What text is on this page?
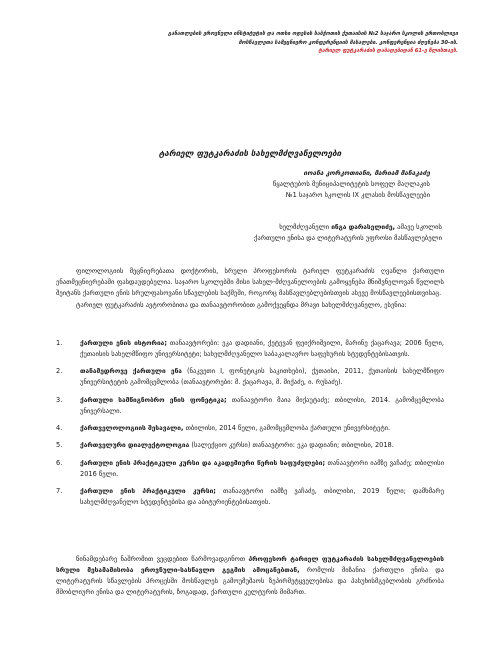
განათლების ეროვნული ინსტიტუტის და ოთხი ოდესის საბჭოთის ქუთაისის №2 საჯარო სკოლის ერთობლივი
მოსწავლეთა სამეცნიერო კონფერენციის მასალები. კონფერენცია ძღვნება 30-ის.
ტარიელ ფუტკარაძის დაბადებიდან 61-ე წლისთავს.
ტარიელ ფუტკარაძის სახელმძღვანელოები
იოანა კორკოთიანი, მარიამ მანაკაძე
წყალტუბოს მუნიციპალიტეტის სოფელ მაღლაკის
№1 საჯარო სკოლის IX კლასის მოსწავლეები
ხელმძღვანელი ინგა დარასელიძე, ამავე სკოლის
ქართული ენისა და ლიტერატურის უფროსი მასწავლებელი

ფილოლოგიის მეცნიერებათა დოქტორის, სრული პროფესორის ტარიელ ფუტკარაძის ღვაწლი ქართული ენათმეცნიერებაში ფასდაუდებელია. საჯარო სკოლებში მისი სახელ-მძღვანელოების გამოყენება მნიშვნელოვან წვლილს შეიტანს ქართული ენის სრულფასოვანი სწავლების საქმეში, როგორც მასწავლებლებისთვის ასევე მოსწავლეებისთვისაც.

ტარიელ ფუტკარაძის ავტორობითა და თანაავტორობით გამოქვეყნდა მრავი სახელმძღვანელო, ესენია:

1.	ქართული ენის ისტორია; თანაავტორები: ეკა დადიანი, ქეტევან ფეიქრიშვილი, მარინე ქაცარავა; 2006 წელი, ქუთაისის სახელმწიფო უნივერსიტეტი; სახელმძღვანელო საბაკალავრო საფეხურის სტუდენტებისათვის.
2.	თანამედროვე ქართული ენა (ნაკვეთი I, ფონეტიკის საკითხები), ქუთაისი, 2011, ქუთაისის სახელმწიფო უნივერსიტეტის გამომცემლობა (თანაავტორები: მ. ქაცარავა, მ. მიქაძე, ი. რუსაძე).
3.	ქართული სამწიგნობრო ენის ფონეტიკა; თანაავტორი მაია მიქაუტაძე; თბილისი, 2014. გამომცემლობა უნივერსალი.
4.	ქართველოლოგიის შესავალი, თბილისი, 2014 წელი, გამომცემლობა ქართული უნივერსიტეტი.
5.	ქართველური დიალექტოლოგია (სალექციო კურსი) თანაავტორი: ეკა დადიანი; თბილისი, 2018.
6.	ქართული ენის პრაქტიკული კურსი და აკადემიური წერის საფუძვლები; თანაავტორი იამზე ვაჩაძე; თბილისი 2016 წელი.
7.	ქართული ენის პრაქტიკული კურსი; თანაავტორი იამზე ვაჩაძე, თბილისი, 2019 წელი; დამხმარე სახელმძღვანელო სტუდენტებისა და აბიტურიენტებისათვის.

წინამდებარე ნაშრომით ვეცდებით წარმოვადგინოთ პროფესორ ტარიელ ფუტკარაძის სახელმძღვანელოების სრული მესამამისობა ეროვნული-სასწავლო გეგმის ამოცანებთან, რომლის მიზანია ქართული ენისა და ლიტერატურის სწავლების პროცესში მოსწავლეს გამოუმუშაოს ზეპირმეტყველებისა და პასუხისმგებლობის გრძნობა მშობლიური ენისა და ლიტერატურის, ზოგადად, ქართული კულტურის მიმართ.
